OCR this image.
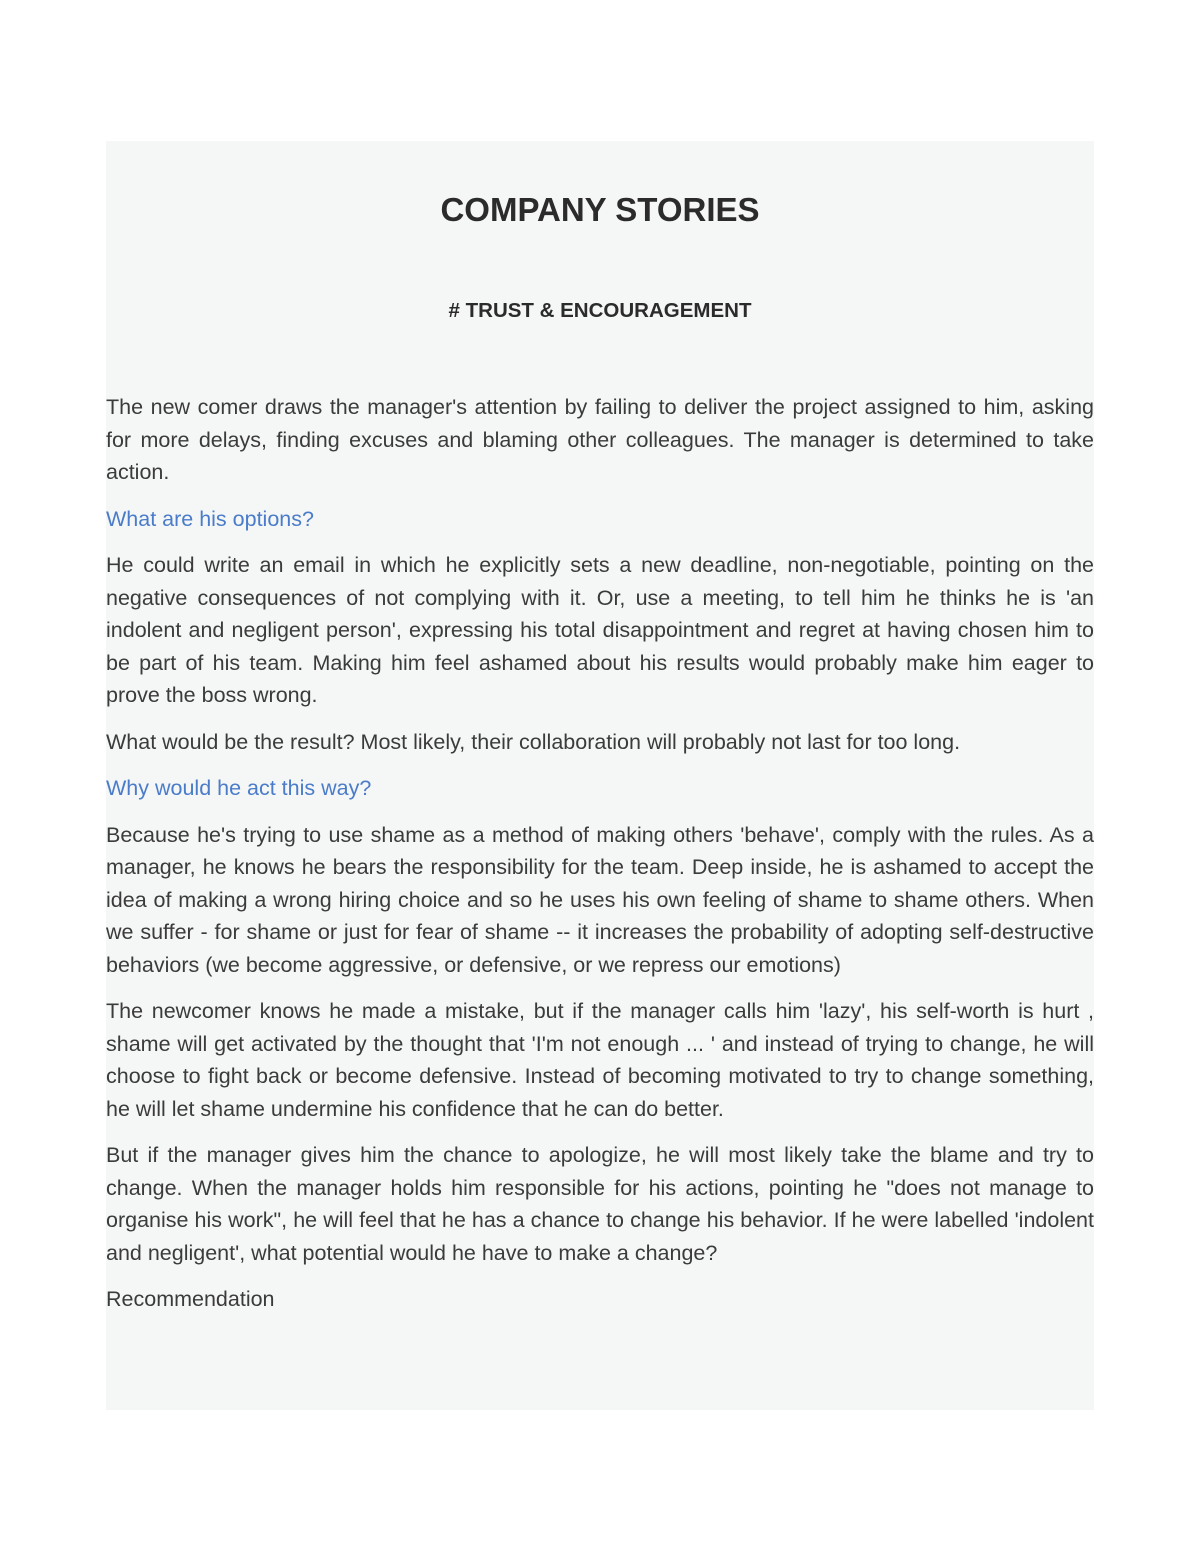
COMPANY STORIES
# TRUST & ENCOURAGEMENT

The new comer draws the manager's attention by failing to deliver the project assigned to him, asking for more delays, finding excuses and blaming other colleagues. The manager is determined to take action.

What are his options?

He could write an email in which he explicitly sets a new deadline, non-negotiable, pointing on the negative consequences of not complying with it. Or, use a meeting, to tell him he thinks he is 'an indolent and negligent person', expressing his total disappointment and regret at having chosen him to be part of his team. Making him feel ashamed about his results would probably make him eager to prove the boss wrong.

What would be the result? Most likely, their collaboration will probably not last for too long.

Why would he act this way?

Because he's trying to use shame as a method of making others 'behave', comply with the rules. As a manager, he knows he bears the responsibility for the team. Deep inside, he is ashamed to accept the idea of making a wrong hiring choice and so he uses his own feeling of shame to shame others. When we suffer - for shame or just for fear of shame -- it increases the probability of adopting self-destructive behaviors (we become aggressive, or defensive, or we repress our emotions)

The newcomer knows he made a mistake, but if the manager calls him 'lazy', his self-worth is hurt , shame will get activated by the thought that 'I'm not enough ... ' and instead of trying to change, he will choose to fight back or become defensive. Instead of becoming motivated to try to change something, he will let shame undermine his confidence that he can do better.

But if the manager gives him the chance to apologize, he will most likely take the blame and try to change. When the manager holds him responsible for his actions, pointing he "does not manage to organise his work", he will feel that he has a chance to change his behavior. If he were labelled 'indolent and negligent', what potential would he have to make a change?

Recommendation
